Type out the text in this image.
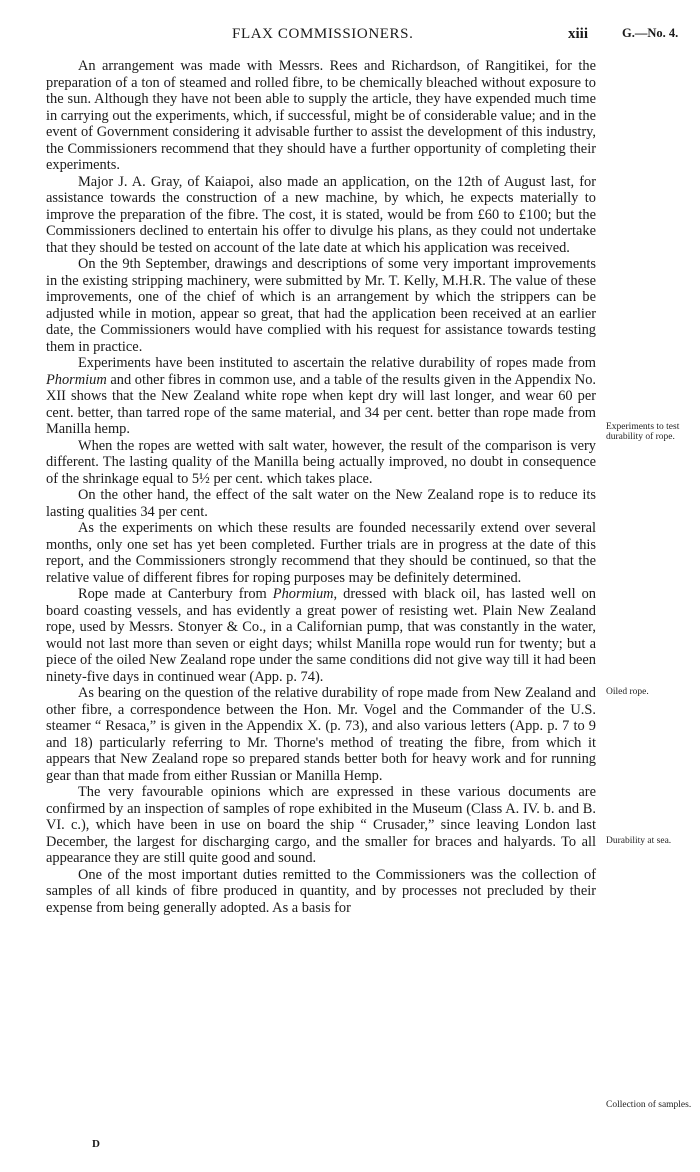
FLAX COMMISSIONERS.	xiii	G.—No. 4.

An arrangement was made with Messrs. Rees and Richardson, of Rangitikei, for the preparation of a ton of steamed and rolled fibre, to be chemically bleached without exposure to the sun. Although they have not been able to supply the article, they have expended much time in carrying out the experiments, which, if successful, might be of considerable value; and in the event of Government considering it advisable further to assist the development of this industry, the Commissioners recommend that they should have a further opportunity of completing their experiments.

Major J. A. Gray, of Kaiapoi, also made an application, on the 12th of August last, for assistance towards the construction of a new machine, by which, he expects materially to improve the preparation of the fibre. The cost, it is stated, would be from £60 to £100; but the Commissioners declined to entertain his offer to divulge his plans, as they could not undertake that they should be tested on account of the late date at which his application was received.

On the 9th September, drawings and descriptions of some very important improvements in the existing stripping machinery, were submitted by Mr. T. Kelly, M.H.R. The value of these improvements, one of the chief of which is an arrangement by which the strippers can be adjusted while in motion, appear so great, that had the application been received at an earlier date, the Commissioners would have complied with his request for assistance towards testing them in practice.

Experiments have been instituted to ascertain the relative durability of ropes made from Phormium and other fibres in common use, and a table of the results given in the Appendix No. XII shows that the New Zealand white rope when kept dry will last longer, and wear 60 per cent. better, than tarred rope of the same material, and 34 per cent. better than rope made from Manilla hemp.

When the ropes are wetted with salt water, however, the result of the comparison is very different. The lasting quality of the Manilla being actually improved, no doubt in consequence of the shrinkage equal to 5½ per cent. which takes place.

On the other hand, the effect of the salt water on the New Zealand rope is to reduce its lasting qualities 34 per cent.

As the experiments on which these results are founded necessarily extend over several months, only one set has yet been completed. Further trials are in progress at the date of this report, and the Commissioners strongly recommend that they should be continued, so that the relative value of different fibres for roping purposes may be definitely determined.

Rope made at Canterbury from Phormium, dressed with black oil, has lasted well on board coasting vessels, and has evidently a great power of resisting wet. Plain New Zealand rope, used by Messrs. Stonyer & Co., in a Californian pump, that was constantly in the water, would not last more than seven or eight days; whilst Manilla rope would run for twenty; but a piece of the oiled New Zealand rope under the same conditions did not give way till it had been ninety-five days in continued wear (App. p. 74).

As bearing on the question of the relative durability of rope made from New Zealand and other fibre, a correspondence between the Hon. Mr. Vogel and the Commander of the U.S. steamer “ Resaca,” is given in the Appendix X. (p. 73), and also various letters (App. p. 7 to 9 and 18) particularly referring to Mr. Thorne's method of treating the fibre, from which it appears that New Zealand rope so prepared stands better both for heavy work and for running gear than that made from either Russian or Manilla Hemp.

The very favourable opinions which are expressed in these various documents are confirmed by an inspection of samples of rope exhibited in the Museum (Class A. IV. b. and B. VI. c.), which have been in use on board the ship “ Crusader,” since leaving London last December, the largest for discharging cargo, and the smaller for braces and halyards. To all appearance they are still quite good and sound.

One of the most important duties remitted to the Commissioners was the collection of samples of all kinds of fibre produced in quantity, and by processes not precluded by their expense from being generally adopted. As a basis for

Experiments to test durability of rope.
Oiled rope.
Durability at sea.
Collection of samples.
D
